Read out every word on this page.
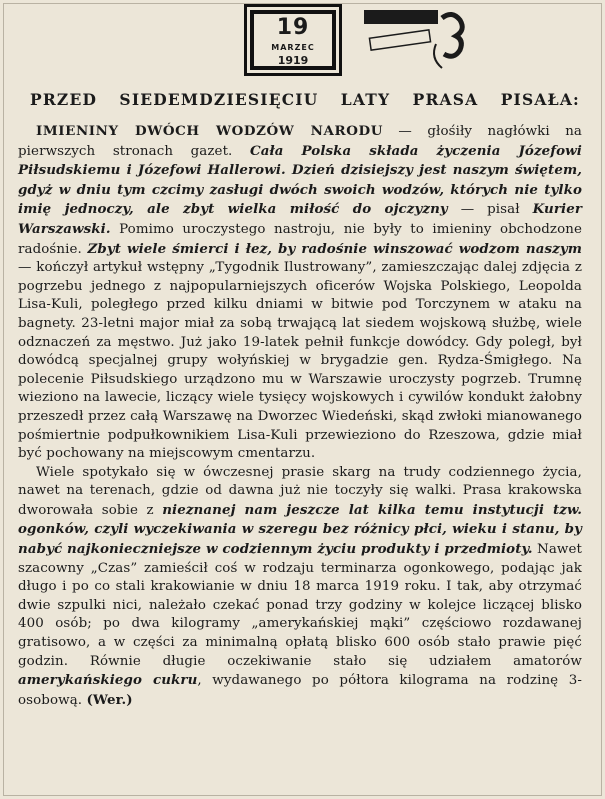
19
MARZEC
1919
PRZED SIEDEMDZIESIĘCIU LATY PRASA PISAŁA:

IMIENINY DWÓCH WODZÓW NARODU — głośiły nagłówki na pierwszych stronach gazet. Cała Polska składa życzenia Józefowi Piłsudskiemu i Józefowi Hallerowi. Dzień dzisiejszy jest naszym świętem, gdyż w dniu tym czcimy zasługi dwóch swoich wodzów, których nie tylko imię jednoczy, ale zbyt wielka miłość do ojczyzny — pisał Kurier Warszawski. Pomimo uroczystego nastroju, nie były to imieniny obchodzone radośnie. Zbyt wiele śmierci i łez, by radośnie winszować wodzom naszym — kończył artykuł wstępny „Tygodnik Ilustrowany”, zamieszczając dalej zdjęcia z pogrzebu jednego z najpopularniejszych oficerów Wojska Polskiego, Leopolda Lisa-Kuli, poległego przed kilku dniami w bitwie pod Torczynem w ataku na bagnety. 23-letni major miał za sobą trwającą lat siedem wojskową służbę, wiele odznaczeń za męstwo. Już jako 19-latek pełnił funkcje dowódcy. Gdy poległ, był dowódcą specjalnej grupy wołyńskiej w brygadzie gen. Rydza-Śmigłego. Na polecenie Piłsudskiego urządzono mu w Warszawie uroczysty pogrzeb. Trumnę wieziono na lawecie, liczący wiele tysięcy wojskowych i cywilów kondukt żałobny przeszedł przez całą Warszawę na Dworzec Wiedeński, skąd zwłoki mianowanego pośmiertnie podpułkownikiem Lisa-Kuli przewieziono do Rzeszowa, gdzie miał być pochowany na miejscowym cmentarzu.

Wiele spotykało się w ówczesnej prasie skarg na trudy codziennego życia, nawet na terenach, gdzie od dawna już nie toczyły się walki. Prasa krakowska dworowała sobie z nieznanej nam jeszcze lat kilka temu instytucji tzw. ogonków, czyli wyczekiwania w szeregu bez różnicy płci, wieku i stanu, by nabyć najkonieczniejsze w codziennym życiu produkty i przedmioty. Nawet szacowny „Czas” zamieścił coś w rodzaju terminarza ogonkowego, podając jak długo i po co stali krakowianie w dniu 18 marca 1919 roku. I tak, aby otrzymać dwie szpulki nici, należało czekać ponad trzy godziny w kolejce liczącej blisko 400 osób; po dwa kilogramy „amerykańskiej mąki” częściowo rozdawanej gratisowo, a w części za minimalną opłatą blisko 600 osób stało prawie pięć godzin. Równie długie oczekiwanie stało się udziałem amatorów amerykańskiego cukru, wydawanego po półtora kilograma na rodzinę 3-osobową. (Wer.)
